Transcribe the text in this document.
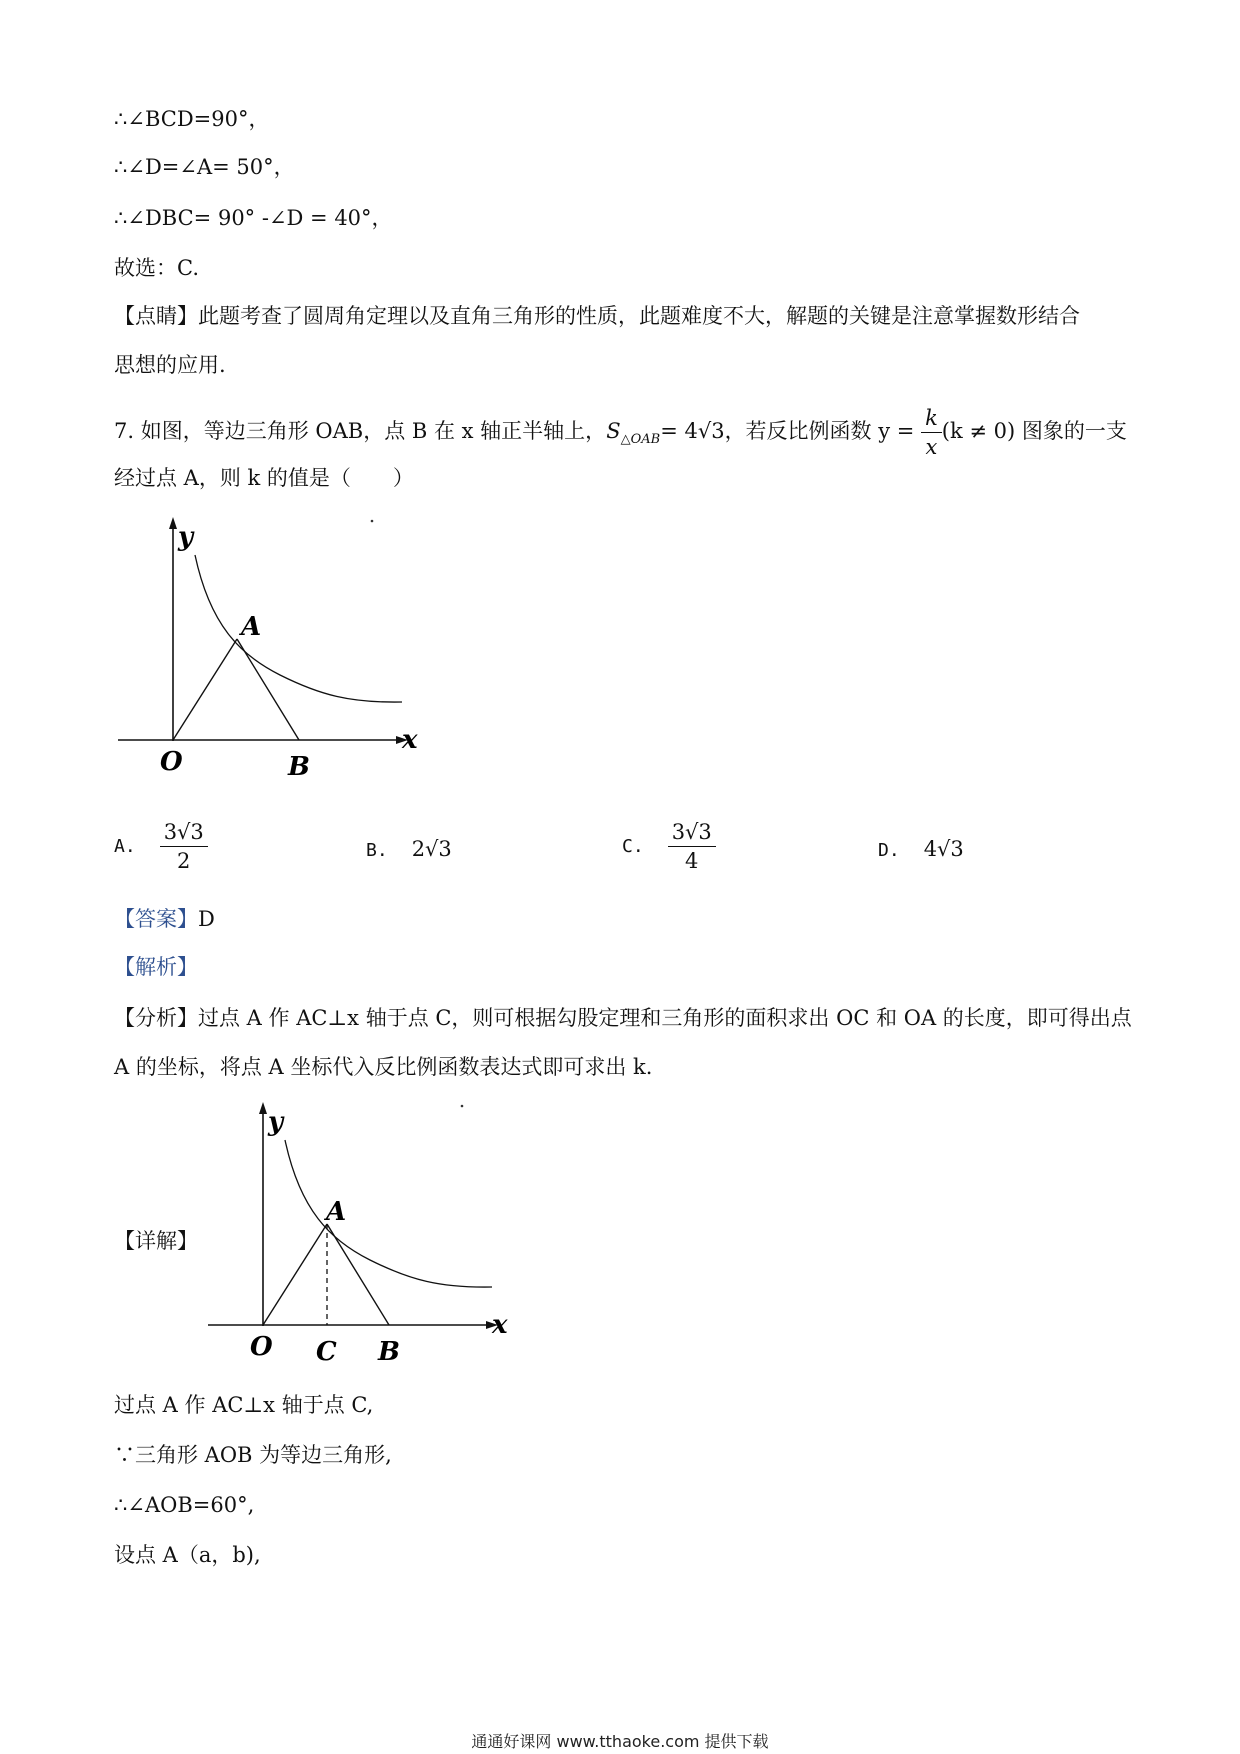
∴∠BCD=90°，
∴∠D=∠A= 50°，
∴∠DBC= 90° -∠D = 40°，
故选：C.
【点睛】此题考查了圆周角定理以及直角三角形的性质，此题难度不大，解题的关键是注意掌握数形结合
思想的应用.
7. 如图，等边三角形 OAB，点 B 在 x 轴正半轴上，$S_{\triangle OAB}= 4√3$，若反比例函数 $y = \frac{k}{x} (k \ne 0)$ 图象的一支
经过点 A，则 k 的值是（　　）
y
A
x
O	B
A. $\frac{3√3}{2}$	B. 2√3	C. $\frac{3√3}{4}$	D. 4√3
【答案】D
【解析】
【分析】过点 A 作 AC⊥x 轴于点 C，则可根据勾股定理和三角形的面积求出 OC 和 OA 的长度，即可得出点
A 的坐标，将点 A 坐标代入反比例函数表达式即可求出 k.
【详解】
y
A
x
O C B
过点 A 作 AC⊥x 轴于点 C,
∵三角形 AOB 为等边三角形,
∴∠AOB=60°,
设点 A（a，b),
通通好课网 www.tthaoke.com 提供下载
